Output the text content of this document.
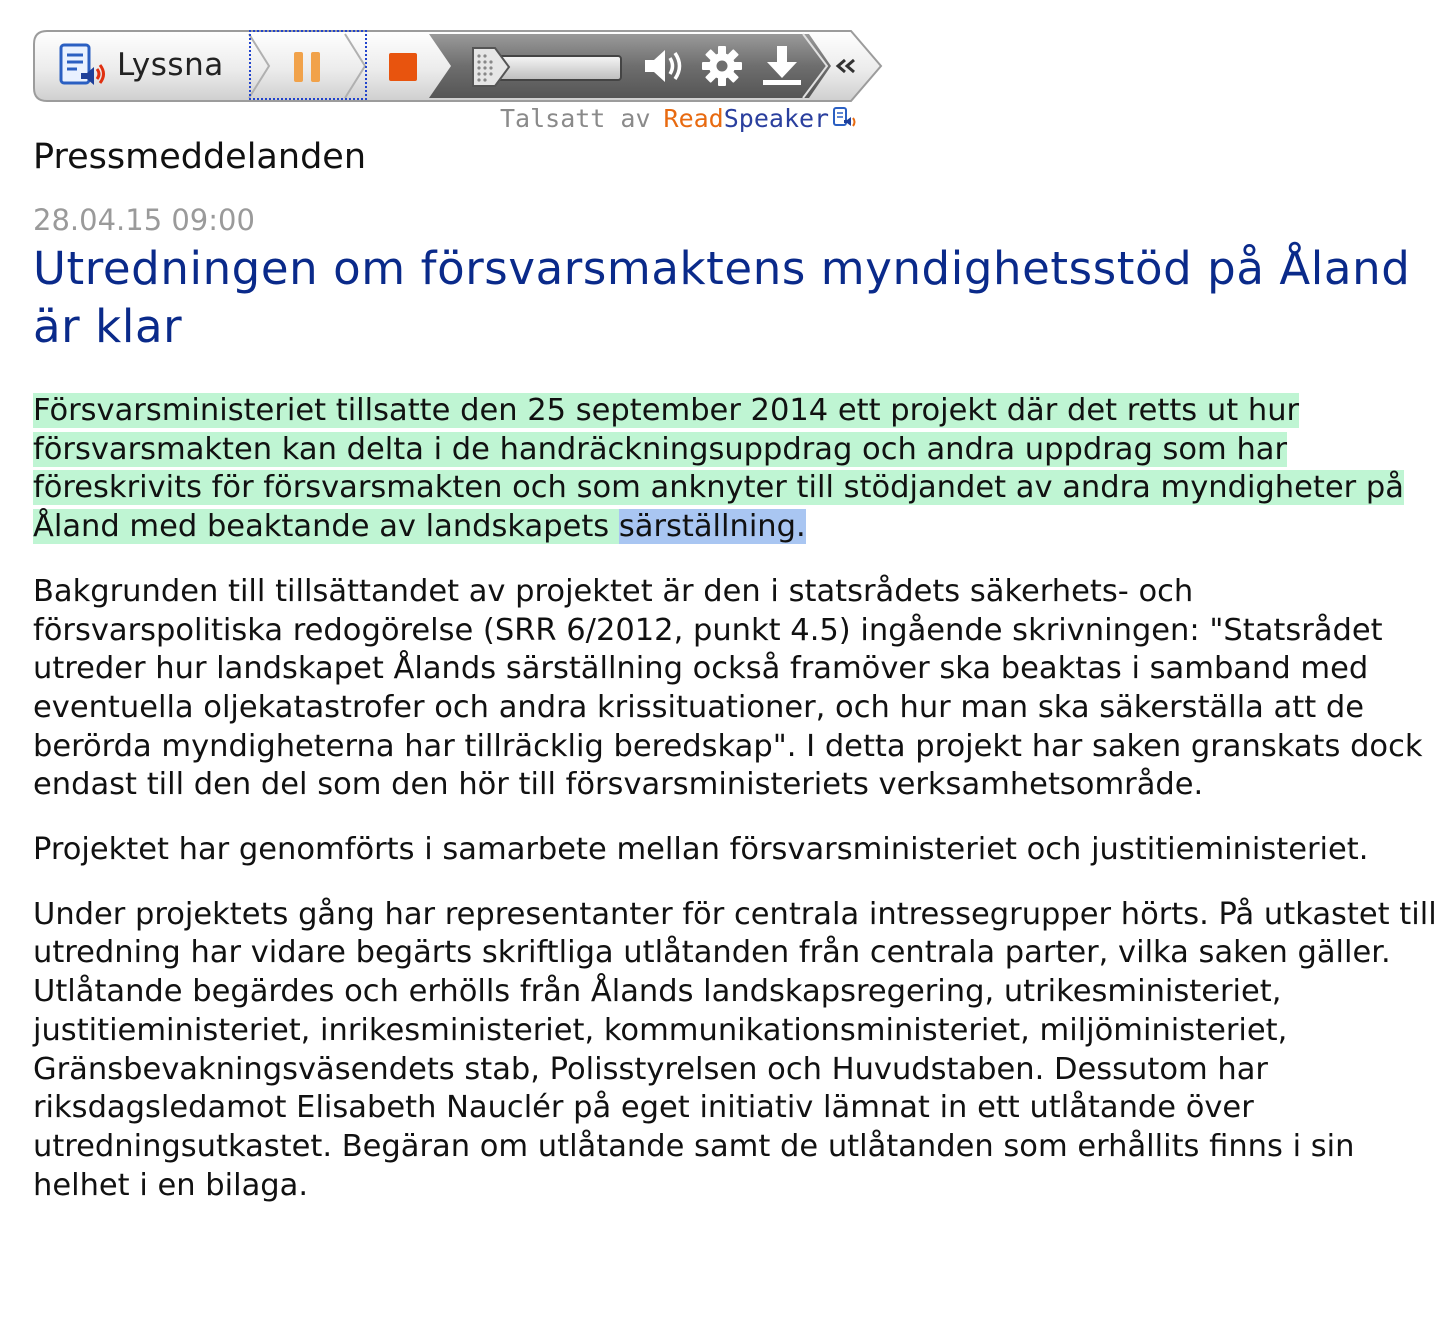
Lyssna
Talsatt av Read Speaker
Pressmeddelanden
28.04.15 09:00
Utredningen om försvarsmaktens myndighetsstöd på Åland är klar

Försvarsministeriet tillsatte den 25 september 2014 ett projekt där det retts ut hur försvarsmakten kan delta i de handräckningsuppdrag och andra uppdrag som har föreskrivits för försvarsmakten och som anknyter till stödjandet av andra myndigheter på Åland med beaktande av landskapets särställning.

Bakgrunden till tillsättandet av projektet är den i statsrådets säkerhets- och försvarspolitiska redogörelse (SRR 6/2012, punkt 4.5) ingående skrivningen: "Statsrådet utreder hur landskapet Ålands särställning också framöver ska beaktas i samband med eventuella oljekatastrofer och andra krissituationer, och hur man ska säkerställa att de berörda myndigheterna har tillräcklig beredskap". I detta projekt har saken granskats dock endast till den del som den hör till försvarsministeriets verksamhetsområde.

Projektet har genomförts i samarbete mellan försvarsministeriet och justitieministeriet.

Under projektets gång har representanter för centrala intressegrupper hörts. På utkastet till utredning har vidare begärts skriftliga utlåtanden från centrala parter, vilka saken gäller. Utlåtande begärdes och erhölls från Ålands landskapsregering, utrikesministeriet, justitieministeriet, inrikesministeriet, kommunikationsministeriet, miljöministeriet, Gränsbevakningsväsendets stab, Polisstyrelsen och Huvudstaben. Dessutom har riksdagsledamot Elisabeth Nauclér på eget initiativ lämnat in ett utlåtande över utredningsutkastet. Begäran om utlåtande samt de utlåtanden som erhållits finns i sin helhet i en bilaga.
